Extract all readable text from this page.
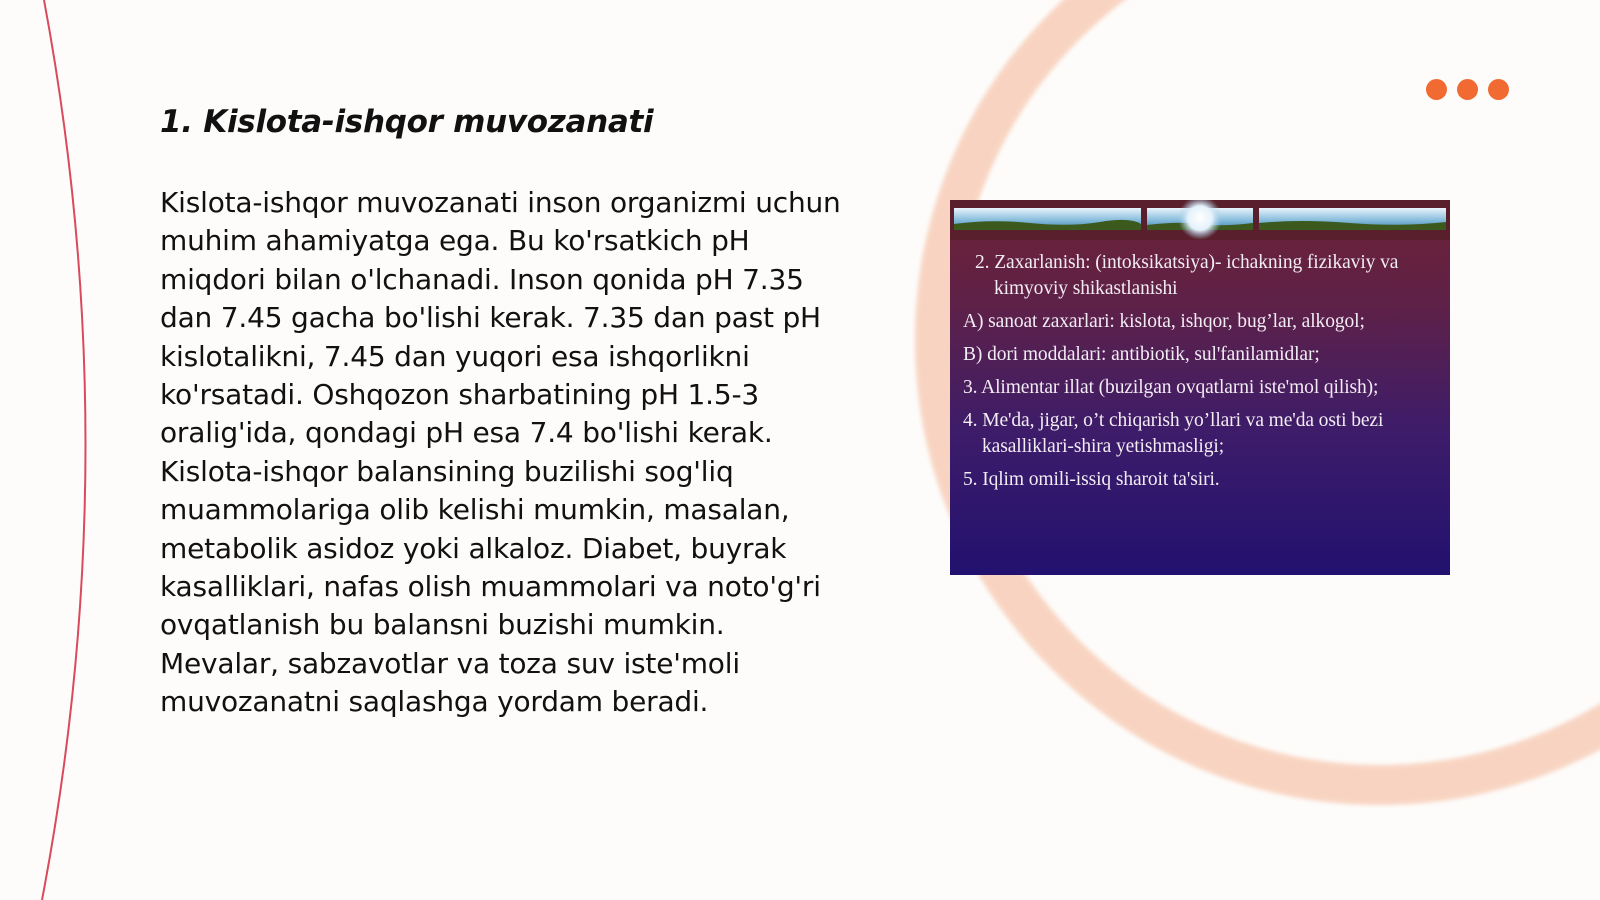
1. Kislota-ishqor muvozanati

Kislota-ishqor muvozanati inson organizmi uchun muhim ahamiyatga ega. Bu ko'rsatkich pH miqdori bilan o'lchanadi. Inson qonida pH 7.35 dan 7.45 gacha bo'lishi kerak. 7.35 dan past pH kislotalikni, 7.45 dan yuqori esa ishqorlikni ko'rsatadi. Oshqozon sharbatining pH 1.5-3 oralig'ida, qondagi pH esa 7.4 bo'lishi kerak. Kislota-ishqor balansining buzilishi sog'liq muammolariga olib kelishi mumkin, masalan, metabolik asidoz yoki alkaloz. Diabet, buyrak kasalliklari, nafas olish muammolari va noto'g'ri ovqatlanish bu balansni buzishi mumkin. Mevalar, sabzavotlar va toza suv iste'moli muvozanatni saqlashga yordam beradi.

2. Zaxarlanish: (intoksikatsiya)- ichakning fizikaviy va kimyoviy shikastlanishi

A) sanoat zaxarlari: kislota, ishqor, bug’lar, alkogol;

B) dori moddalari: antibiotik, sul'fanilamidlar;

3. Alimentar illat (buzilgan ovqatlarni iste'mol qilish);

4. Me'da, jigar, o’t chiqarish yo’llari va me'da osti bezi kasalliklari-shira yetishmasligi;

5. Iqlim omili-issiq sharoit ta'siri.
